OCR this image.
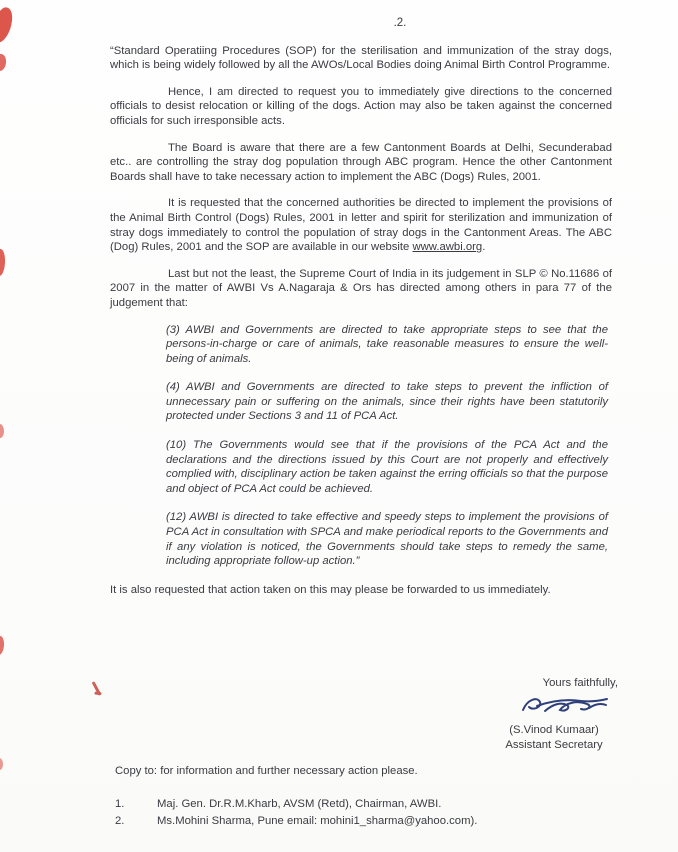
.2.

“Standard Operatiing Procedures (SOP) for the sterilisation and immunization of the stray dogs, which is being widely followed by all the AWOs/Local Bodies doing Animal Birth Control Programme.

Hence, I am directed to request you to immediately give directions to the concerned officials to desist relocation or killing of the dogs. Action may also be taken against the concerned officials for such irresponsible acts.

The Board is aware that there are a few Cantonment Boards at Delhi, Secunderabad etc.. are controlling the stray dog population through ABC program. Hence the other Cantonment Boards shall have to take necessary action to implement the ABC (Dogs) Rules, 2001.

It is requested that the concerned authorities be directed to implement the provisions of the Animal Birth Control (Dogs) Rules, 2001 in letter and spirit for sterilization and immunization of stray dogs immediately to control the population of stray dogs in the Cantonment Areas. The ABC (Dog) Rules, 2001 and the SOP are available in our website www.awbi.org.

Last but not the least, the Supreme Court of India in its judgement in SLP © No.11686 of 2007 in the matter of AWBI Vs A.Nagaraja & Ors has directed among others in para 77 of the judgement that:

(3) AWBI and Governments are directed to take appropriate steps to see that the persons-in-charge or care of animals, take reasonable measures to ensure the well-being of animals.

(4) AWBI and Governments are directed to take steps to prevent the infliction of unnecessary pain or suffering on the animals, since their rights have been statutorily protected under Sections 3 and 11 of PCA Act.

(10) The Governments would see that if the provisions of the PCA Act and the declarations and the directions issued by this Court are not properly and effectively complied with, disciplinary action be taken against the erring officials so that the purpose and object of PCA Act could be achieved.

(12) AWBI is directed to take effective and speedy steps to implement the provisions of PCA Act in consultation with SPCA and make periodical reports to the Governments and if any violation is noticed, the Governments should take steps to remedy the same, including appropriate follow-up action.”

It is also requested that action taken on this may please be forwarded to us immediately.
Yours faithfully,
(S.Vinod Kumaar)
Assistant Secretary
Copy to: for information and further necessary action please.
1.	Maj. Gen. Dr.R.M.Kharb, AVSM (Retd), Chairman, AWBI.
2.	Ms.Mohini Sharma, Pune email: mohini1_sharma@yahoo.com).
